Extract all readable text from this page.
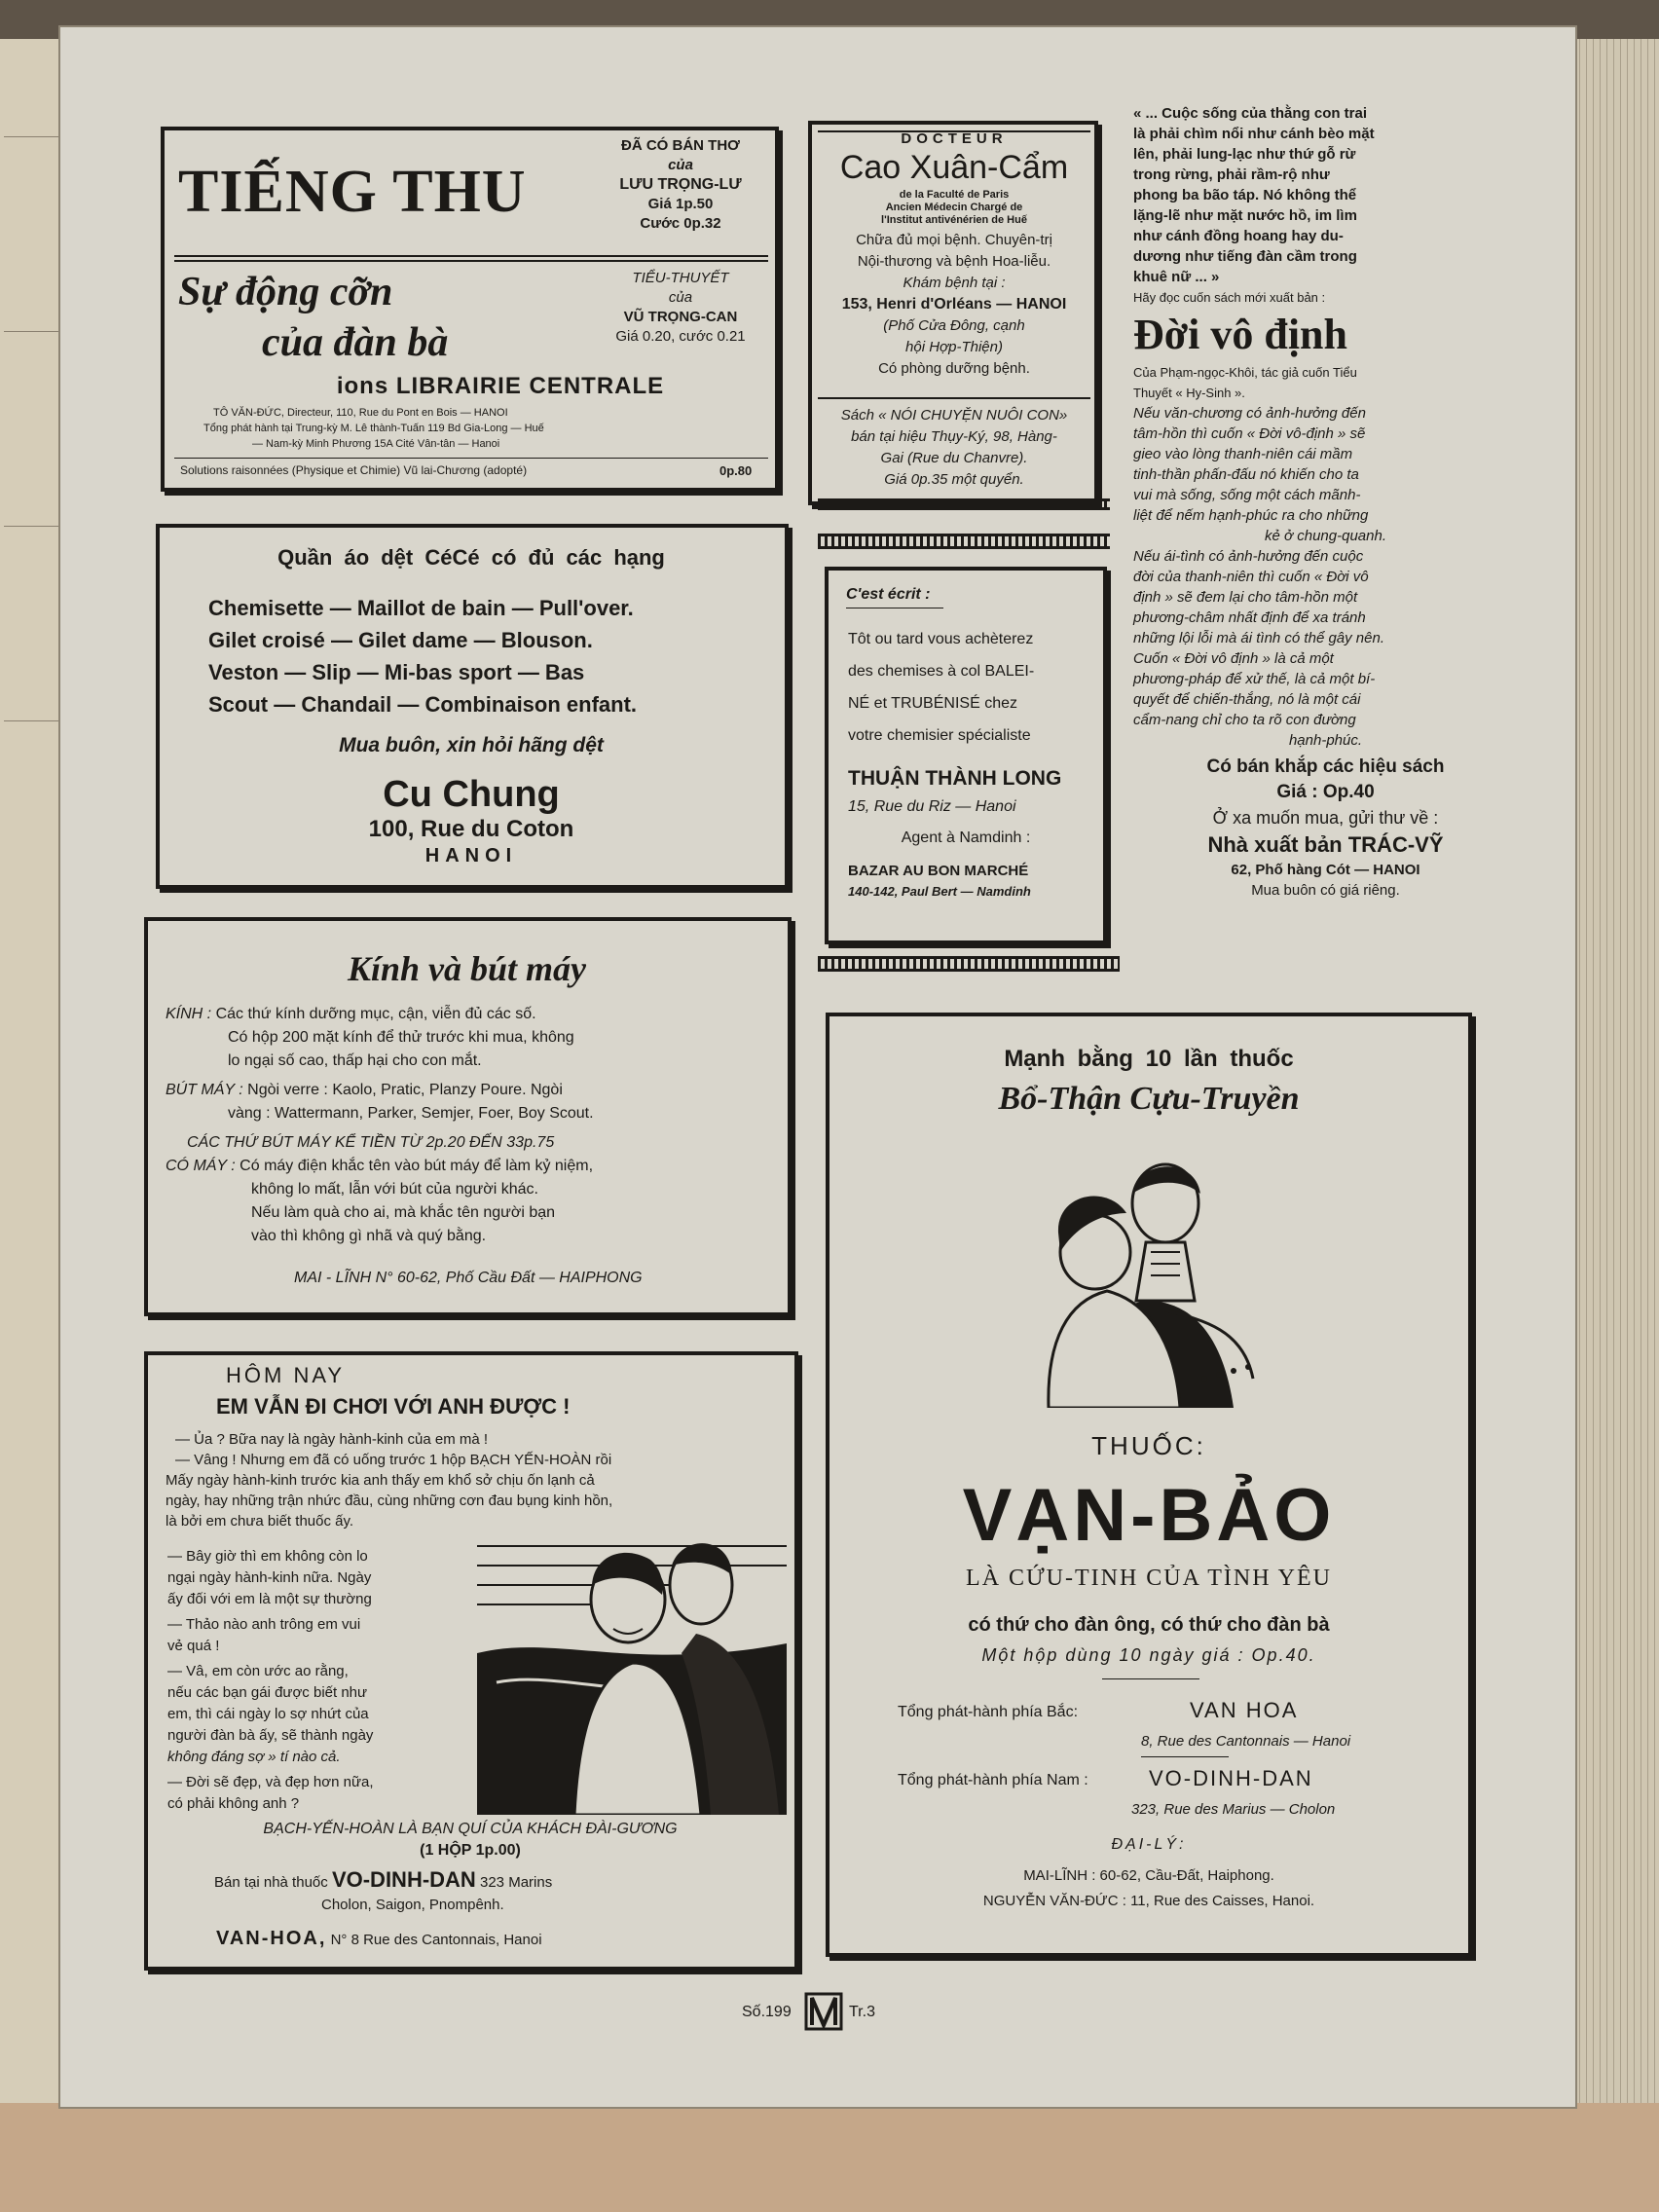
TIẾNG THU
ĐÃ CÓ BÁN THƠ
của
LƯU TRỌNG-LƯ
Giá 1p.50
Cước 0p.32
Sự động cỡn
của đàn bà
TIỂU-THUYẾT
của
VŨ TRỌNG-CAN
Giá 0.20, cước 0.21
ions LIBRAIRIE CENTRALE
TÔ VĂN-ĐỨC, Directeur, 110, Rue du Pont en Bois — HANOI
Tổng phát hành tại Trung-kỳ M. Lê thành-Tuấn 119 Bd Gia-Long — Huế
— Nam-kỳ Minh Phương 15A Cité Vân-tân — Hanoi
Solutions raisonnées (Physique et Chimie) Vũ lai-Chương (adopté)	0p.80
DOCTEUR
Cao Xuân-Cẩm
de la Faculté de Paris
Ancien Médecin Chargé de
l'Institut antivénérien de Huế
Chữa đủ mọi bệnh. Chuyên-trị
Nội-thương và bệnh Hoa-liễu.
Khám bệnh tại :
153, Henri d'Orléans — HANOI
(Phố Cửa Đông, cạnh
hội Hợp-Thiện)
Có phòng dưỡng bệnh.
Sách « NÓI CHUYỆN NUÔI CON»
bán tại hiệu Thụy-Ký, 98, Hàng-
Gai (Rue du Chanvre).
Giá 0p.35 một quyển.

« ... Cuộc sống của thằng con trai

là phải chìm nổi như cánh bèo mặt

lên, phải lung-lạc như thứ gỗ rừ

trong rừng, phải rầm-rộ như

phong ba bão táp. Nó không thể

lặng-lẽ như mặt nước hồ, im lìm

như cánh đồng hoang hay du-

dương như tiếng đàn cầm trong

khuê nữ ... »

Hãy đọc cuốn sách mới xuất bản :

Đời vô định

Của Phạm-ngọc-Khôi, tác giả cuốn Tiểu

Thuyết « Hy-Sinh ».

Nếu văn-chương có ảnh-hưởng đến

tâm-hồn thì cuốn « Đời vô-định » sẽ

gieo vào lòng thanh-niên cái mầm

tinh-thần phấn-đấu nó khiến cho ta

vui mà sống, sống một cách mãnh-

liệt để nếm hạnh-phúc ra cho những

kẻ ở chung-quanh.

Nếu ái-tình có ảnh-hưởng đến cuộc

đời của thanh-niên thì cuốn « Đời vô

định » sẽ đem lại cho tâm-hồn một

phương-châm nhất định để xa tránh

những lội lỗi mà ái tình có thể gây nên.

Cuốn « Đời vô định » là cả một

phương-pháp để xử thế, là cả một bí-

quyết để chiến-thắng, nó là một cái

cẩm-nang chỉ cho ta rõ con đường

hạnh-phúc.

Có bán khắp các hiệu sách

Giá : Op.40

Ở xa muốn mua, gửi thư về :

Nhà xuất bản TRÁC-VỸ

62, Phố hàng Cót — HANOI

Mua buôn có giá riêng.

Quần áo dệt CéCé có đủ các hạng
Chemisette — Maillot de bain — Pull'over.
Gilet croisé — Gilet dame — Blouson.
Veston — Slip — Mi-bas sport — Bas
Scout — Chandail — Combinaison enfant.
Mua buôn, xin hỏi hãng dệt
Cu Chung
100, Rue du Coton
HANOI
C'est écrit :
Tôt ou tard vous achèterez
des chemises à col BALEI-
NÉ et TRUBÉNISÉ chez
votre chemisier spécialiste
THUẬN THÀNH LONG
15, Rue du Riz — Hanoi
Agent à Namdinh :
BAZAR AU BON MARCHÉ
140-142, Paul Bert — Namdinh
Kính và bút máy
KÍNH : Các thứ kính dưỡng mục, cận, viễn đủ các số.
Có hộp 200 mặt kính để thử trước khi mua, không
lo ngại số cao, thấp hại cho con mắt.
BÚT MÁY : Ngòi verre : Kaolo, Pratic, Planzy Poure. Ngòi
vàng : Wattermann, Parker, Semjer, Foer, Boy Scout.
CÁC THỨ BÚT MÁY KỂ TIỀN TỪ 2p.20 ĐẾN 33p.75
CÓ MÁY : Có máy điện khắc tên vào bút máy để làm kỷ niệm,
không lo mất, lẫn với bút của người khác.
Nếu làm quà cho ai, mà khắc tên người bạn
vào thì không gì nhã và quý bằng.
MAI - LĨNH N° 60-62, Phố Cầu Đất — HAIPHONG
HÔM NAY
EM VẪN ĐI CHƠI VỚI ANH ĐƯỢC !
— Ủa ? Bữa nay là ngày hành-kinh của em mà !
— Vâng ! Nhưng em đã có uống trước 1 hộp BẠCH YẾN-HOÀN rồi
Mấy ngày hành-kinh trước kia anh thấy em khổ sở chịu ốn lạnh cả
ngày, hay những trận nhức đầu, cùng những cơn đau bụng kinh hồn,
là bởi em chưa biết thuốc ấy.
— Bây giờ thì em không còn lo
ngại ngày hành-kinh nữa. Ngày
ấy đối với em là một sự thường
— Thảo nào anh trông em vui
vẻ quá !
— Vâ, em còn ước ao rằng,
nếu các bạn gái được biết như
em, thì cái ngày lo sợ nhứt của
người đàn bà ấy, sẽ thành ngày
không đáng sợ » tí nào cả.
— Đời sẽ đẹp, và đẹp hơn nữa,
có phải không anh ?
BẠCH-YẾN-HOÀN LÀ BẠN QUÍ CỦA KHÁCH ĐÀI-GƯƠNG
(1 HỘP 1p.00)
Bán tại nhà thuốc VO-DINH-DAN 323 Marins
Cholon, Saigon, Pnompênh.
VAN-HOA, N° 8 Rue des Cantonnais, Hanoi
Mạnh bằng 10 lần thuốc
Bổ-Thận Cựu-Truyền
THUỐC:
VẠN-BẢO
LÀ CỨU-TINH CỦA TÌNH YÊU
có thứ cho đàn ông, có thứ cho đàn bà
Một hộp dùng 10 ngày giá : Op.40.
Tổng phát-hành phía Bắc:	VAN HOA
8, Rue des Cantonnais — Hanoi
Tổng phát-hành phía Nam :	VO-DINH-DAN
323, Rue des Marius — Cholon
ĐẠI-LÝ:
MAI-LĨNH : 60-62, Cầu-Đất, Haiphong.
NGUYỄN VĂN-ĐỨC : 11, Rue des Caisses, Hanoi.
Số.199	Tr.3
